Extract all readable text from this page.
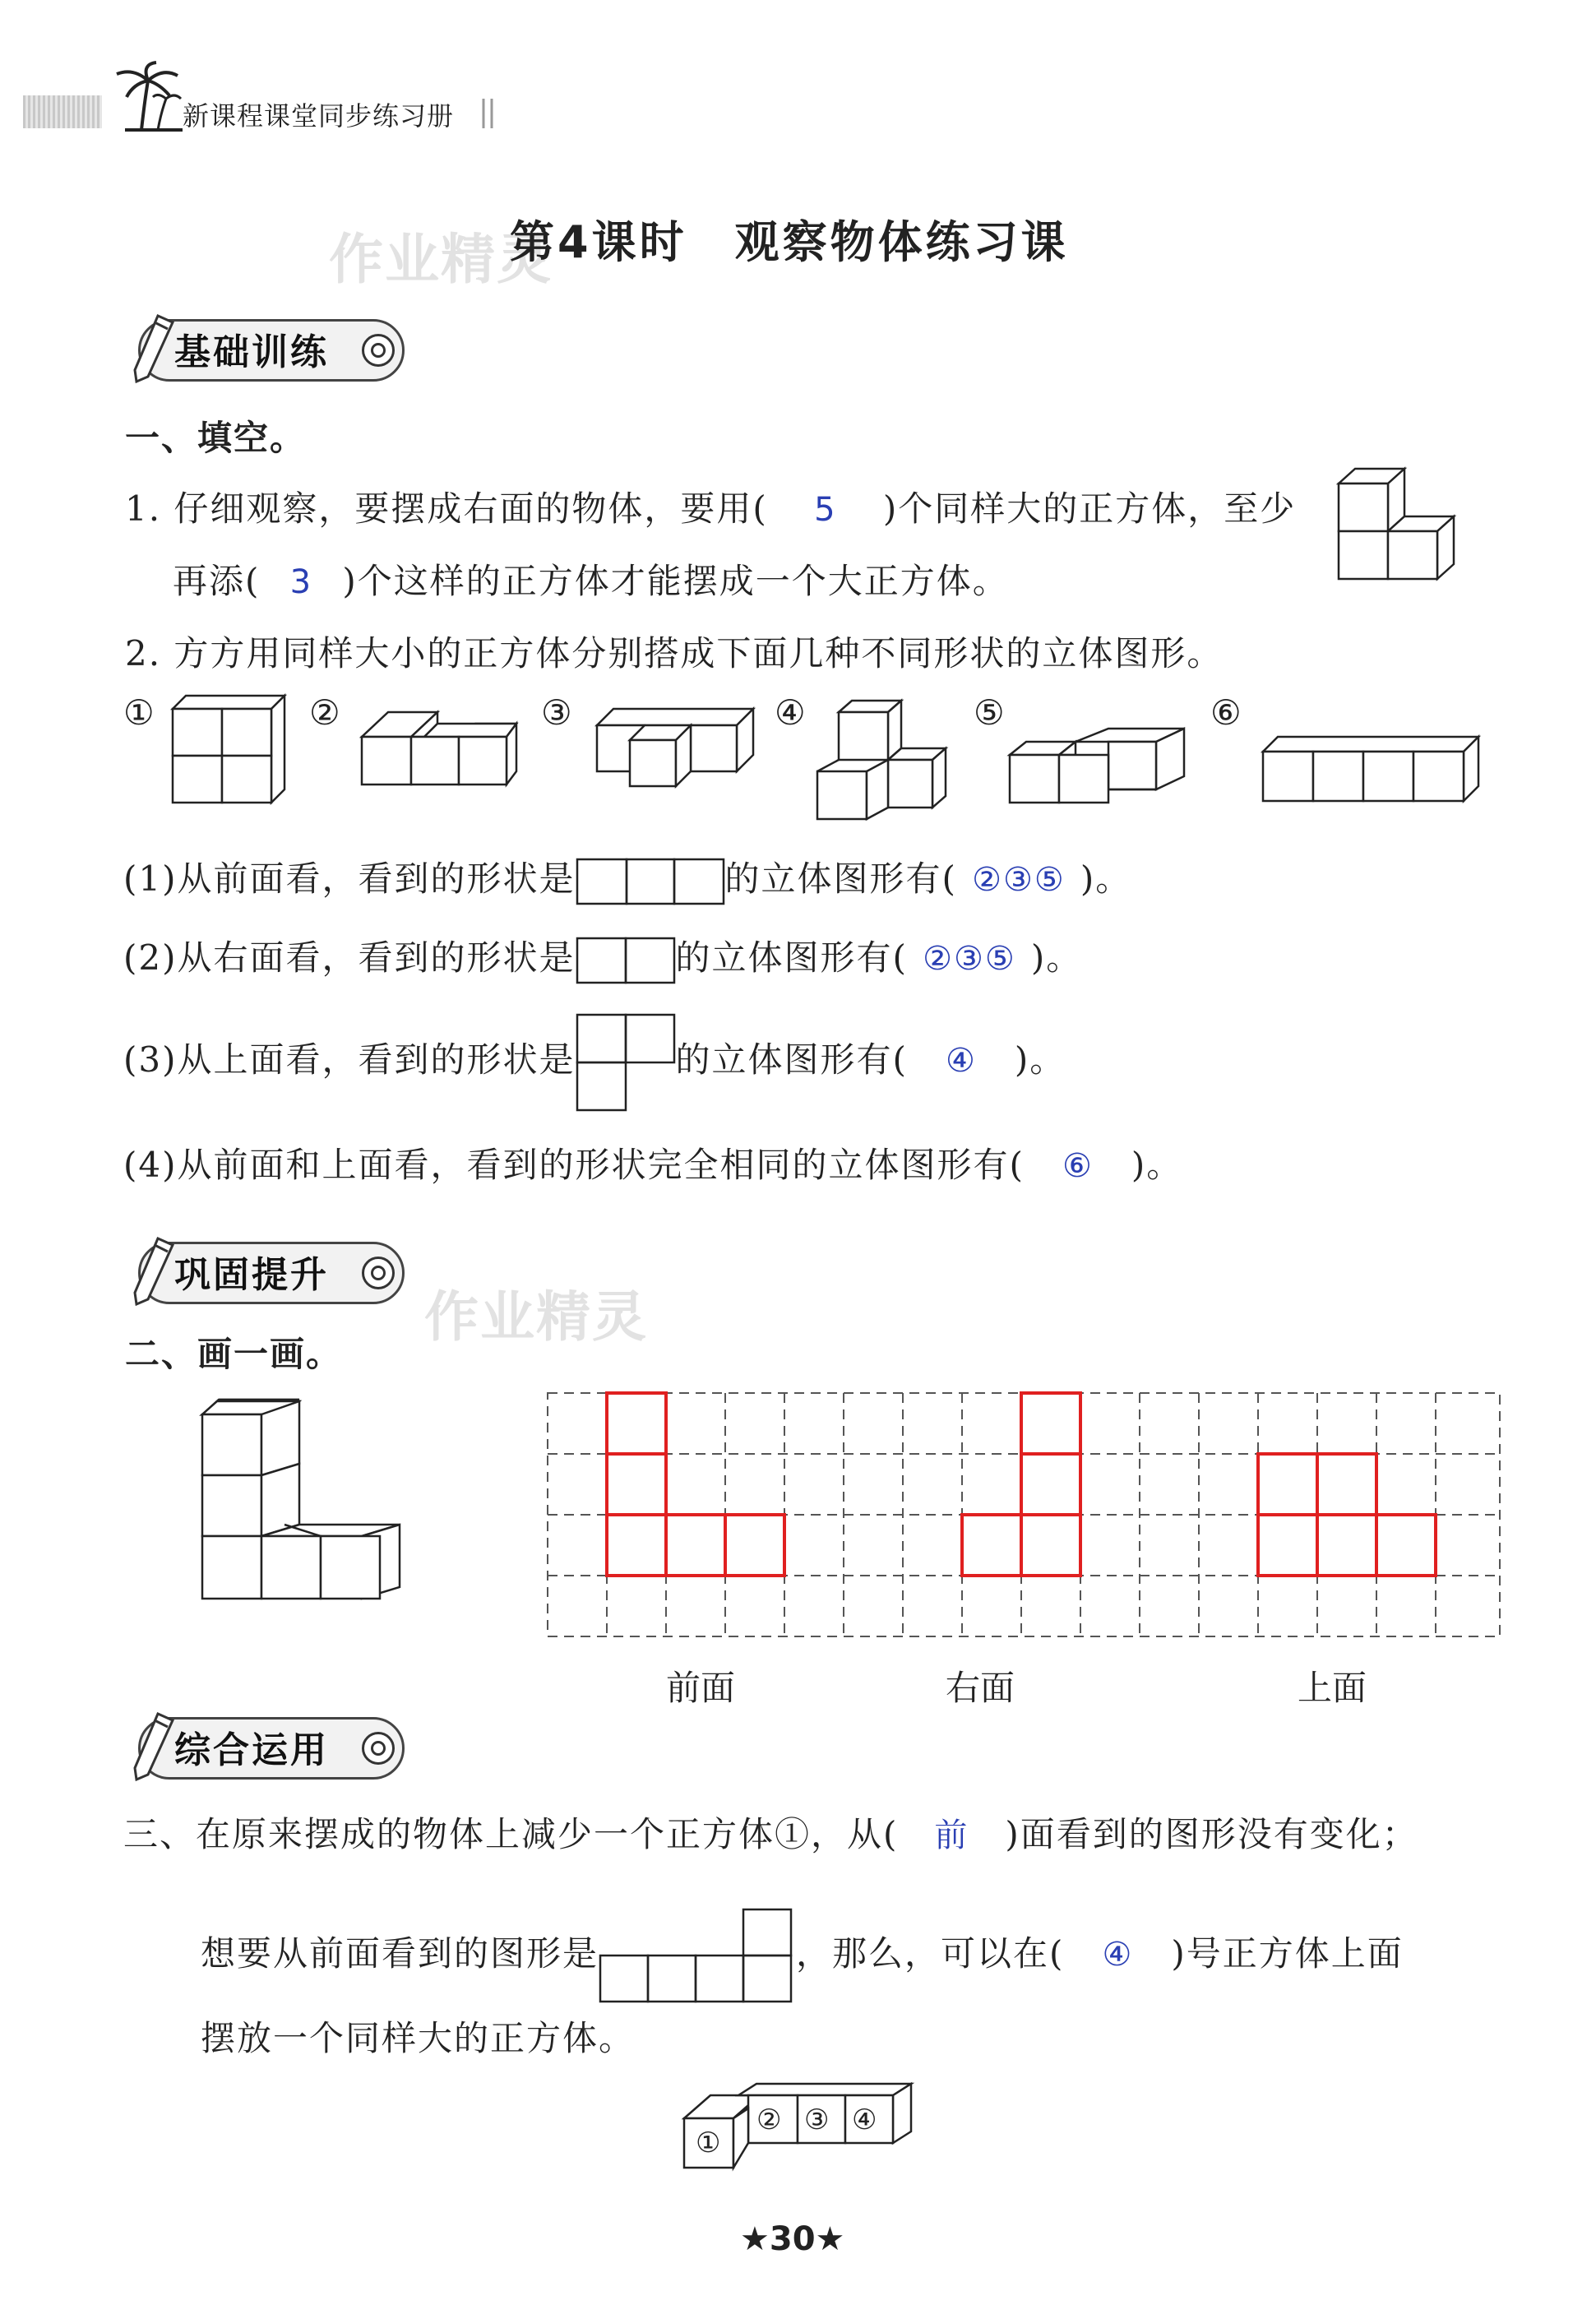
新课程课堂同步练习册
作业精灵
第4课时　观察物体练习课
基础训练
一、填空。
1. 仔细观察，要摆成右面的物体，要用( 5 )个同样大的正方体，至少
再添( 3 )个这样的正方体才能摆成一个大正方体。
2. 方方用同样大小的正方体分别搭成下面几种不同形状的立体图形。
①	②	③	④	⑤	⑥
(1)从前面看，看到的形状是	的立体图形有( ②③⑤ )。
(2)从右面看，看到的形状是	的立体图形有( ②③⑤ )。
(3)从上面看，看到的形状是	的立体图形有( ④ )。
(4)从前面和上面看，看到的形状完全相同的立体图形有( ⑥ )。
巩固提升
作业精灵
二、画一画。
前面	右面	上面
综合运用
三、在原来摆成的物体上减少一个正方体①，从( 前 )面看到的图形没有变化；
想要从前面看到的图形是	，那么，可以在( ④ )号正方体上面
摆放一个同样大的正方体。
①
② ③ ④
★30★
